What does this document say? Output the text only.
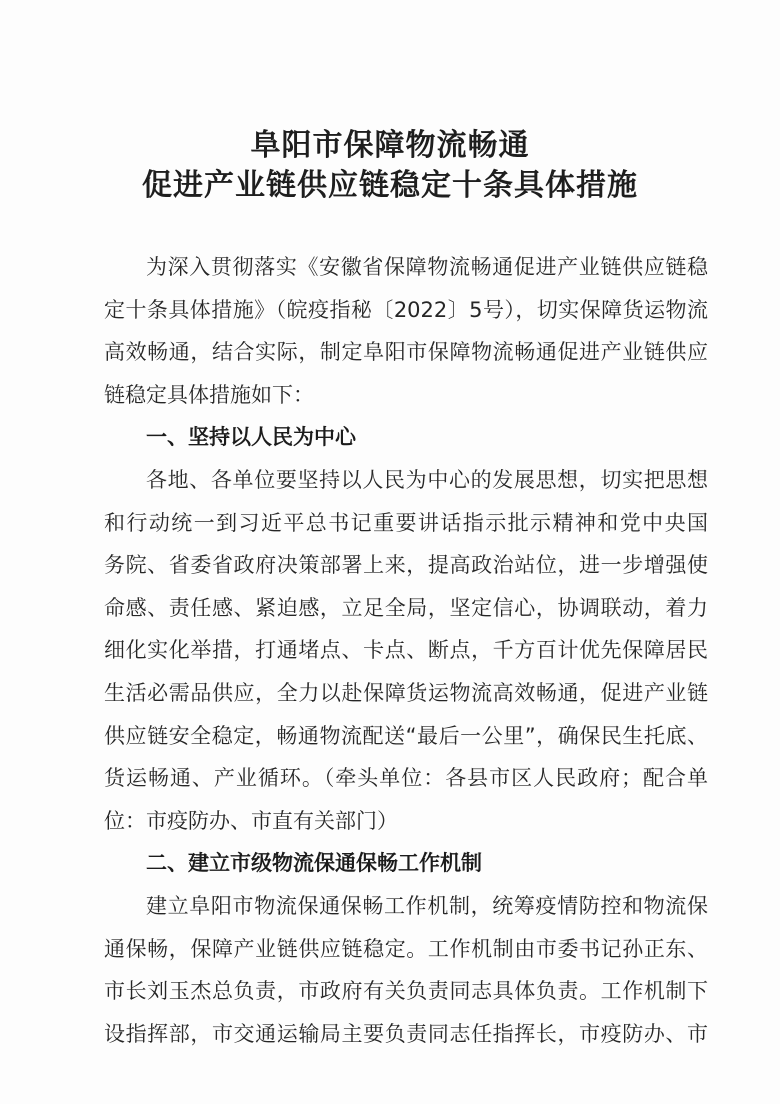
阜阳市保障物流畅通
促进产业链供应链稳定十条具体措施
为深入贯彻落实《安徽省保障物流畅通促进产业链供应链稳
定十条具体措施》（皖疫指秘〔2022〕5号），切实保障货运物流
高效畅通，结合实际，制定阜阳市保障物流畅通促进产业链供应
链稳定具体措施如下：
一、坚持以人民为中心
各地、各单位要坚持以人民为中心的发展思想，切实把思想
和行动统一到习近平总书记重要讲话指示批示精神和党中央国
务院、省委省政府决策部署上来，提高政治站位，进一步增强使
命感、责任感、紧迫感，立足全局，坚定信心，协调联动，着力
细化实化举措，打通堵点、卡点、断点，千方百计优先保障居民
生活必需品供应，全力以赴保障货运物流高效畅通，促进产业链
供应链安全稳定，畅通物流配送“最后一公里”，确保民生托底、
货运畅通、产业循环。（牵头单位：各县市区人民政府；配合单
位：市疫防办、市直有关部门）
二、建立市级物流保通保畅工作机制
建立阜阳市物流保通保畅工作机制，统筹疫情防控和物流保
通保畅，保障产业链供应链稳定。工作机制由市委书记孙正东、
市长刘玉杰总负责，市政府有关负责同志具体负责。工作机制下
设指挥部，市交通运输局主要负责同志任指挥长，市疫防办、市
